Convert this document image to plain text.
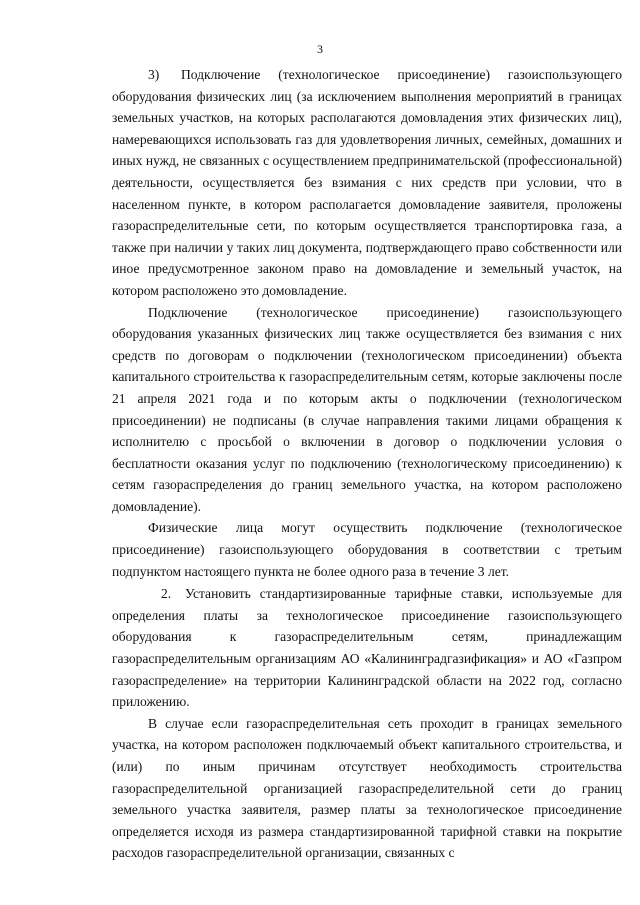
3

3) Подключение (технологическое присоединение) газоиспользующего оборудования физических лиц (за исключением выполнения мероприятий в границах земельных участков, на которых располагаются домовладения этих физических лиц), намеревающихся использовать газ для удовлетворения личных, семейных, домашних и иных нужд, не связанных с осуществлением предпринимательской (профессиональной) деятельности, осуществляется без взимания с них средств при условии, что в населенном пункте, в котором располагается домовладение заявителя, проложены газораспределительные сети, по которым осуществляется транспортировка газа, а также при наличии у таких лиц документа, подтверждающего право собственности или иное предусмотренное законом право на домовладение и земельный участок, на котором расположено это домовладение.

Подключение (технологическое присоединение) газоиспользующего оборудования указанных физических лиц также осуществляется без взимания с них средств по договорам о подключении (технологическом присоединении) объекта капитального строительства к газораспределительным сетям, которые заключены после 21 апреля 2021 года и по которым акты о подключении (технологическом присоединении) не подписаны (в случае направления такими лицами обращения к исполнителю с просьбой о включении в договор о подключении условия о бесплатности оказания услуг по подключению (технологическому присоединению) к сетям газораспределения до границ земельного участка, на котором расположено домовладение).

Физические лица могут осуществить подключение (технологическое присоединение) газоиспользующего оборудования в соответствии с третьим подпунктом настоящего пункта не более одного раза в течение 3 лет.

2. Установить стандартизированные тарифные ставки, используемые для определения платы за технологическое присоединение газоиспользующего оборудования к газораспределительным сетям, принадлежащим газораспределительным организациям АО «Калининградгазификация» и АО «Газпром газораспределение» на территории Калининградской области на 2022 год, согласно приложению.

В случае если газораспределительная сеть проходит в границах земельного участка, на котором расположен подключаемый объект капитального строительства, и (или) по иным причинам отсутствует необходимость строительства газораспределительной организацией газораспределительной сети до границ земельного участка заявителя, размер платы за технологическое присоединение определяется исходя из размера стандартизированной тарифной ставки на покрытие расходов газораспределительной организации, связанных с
